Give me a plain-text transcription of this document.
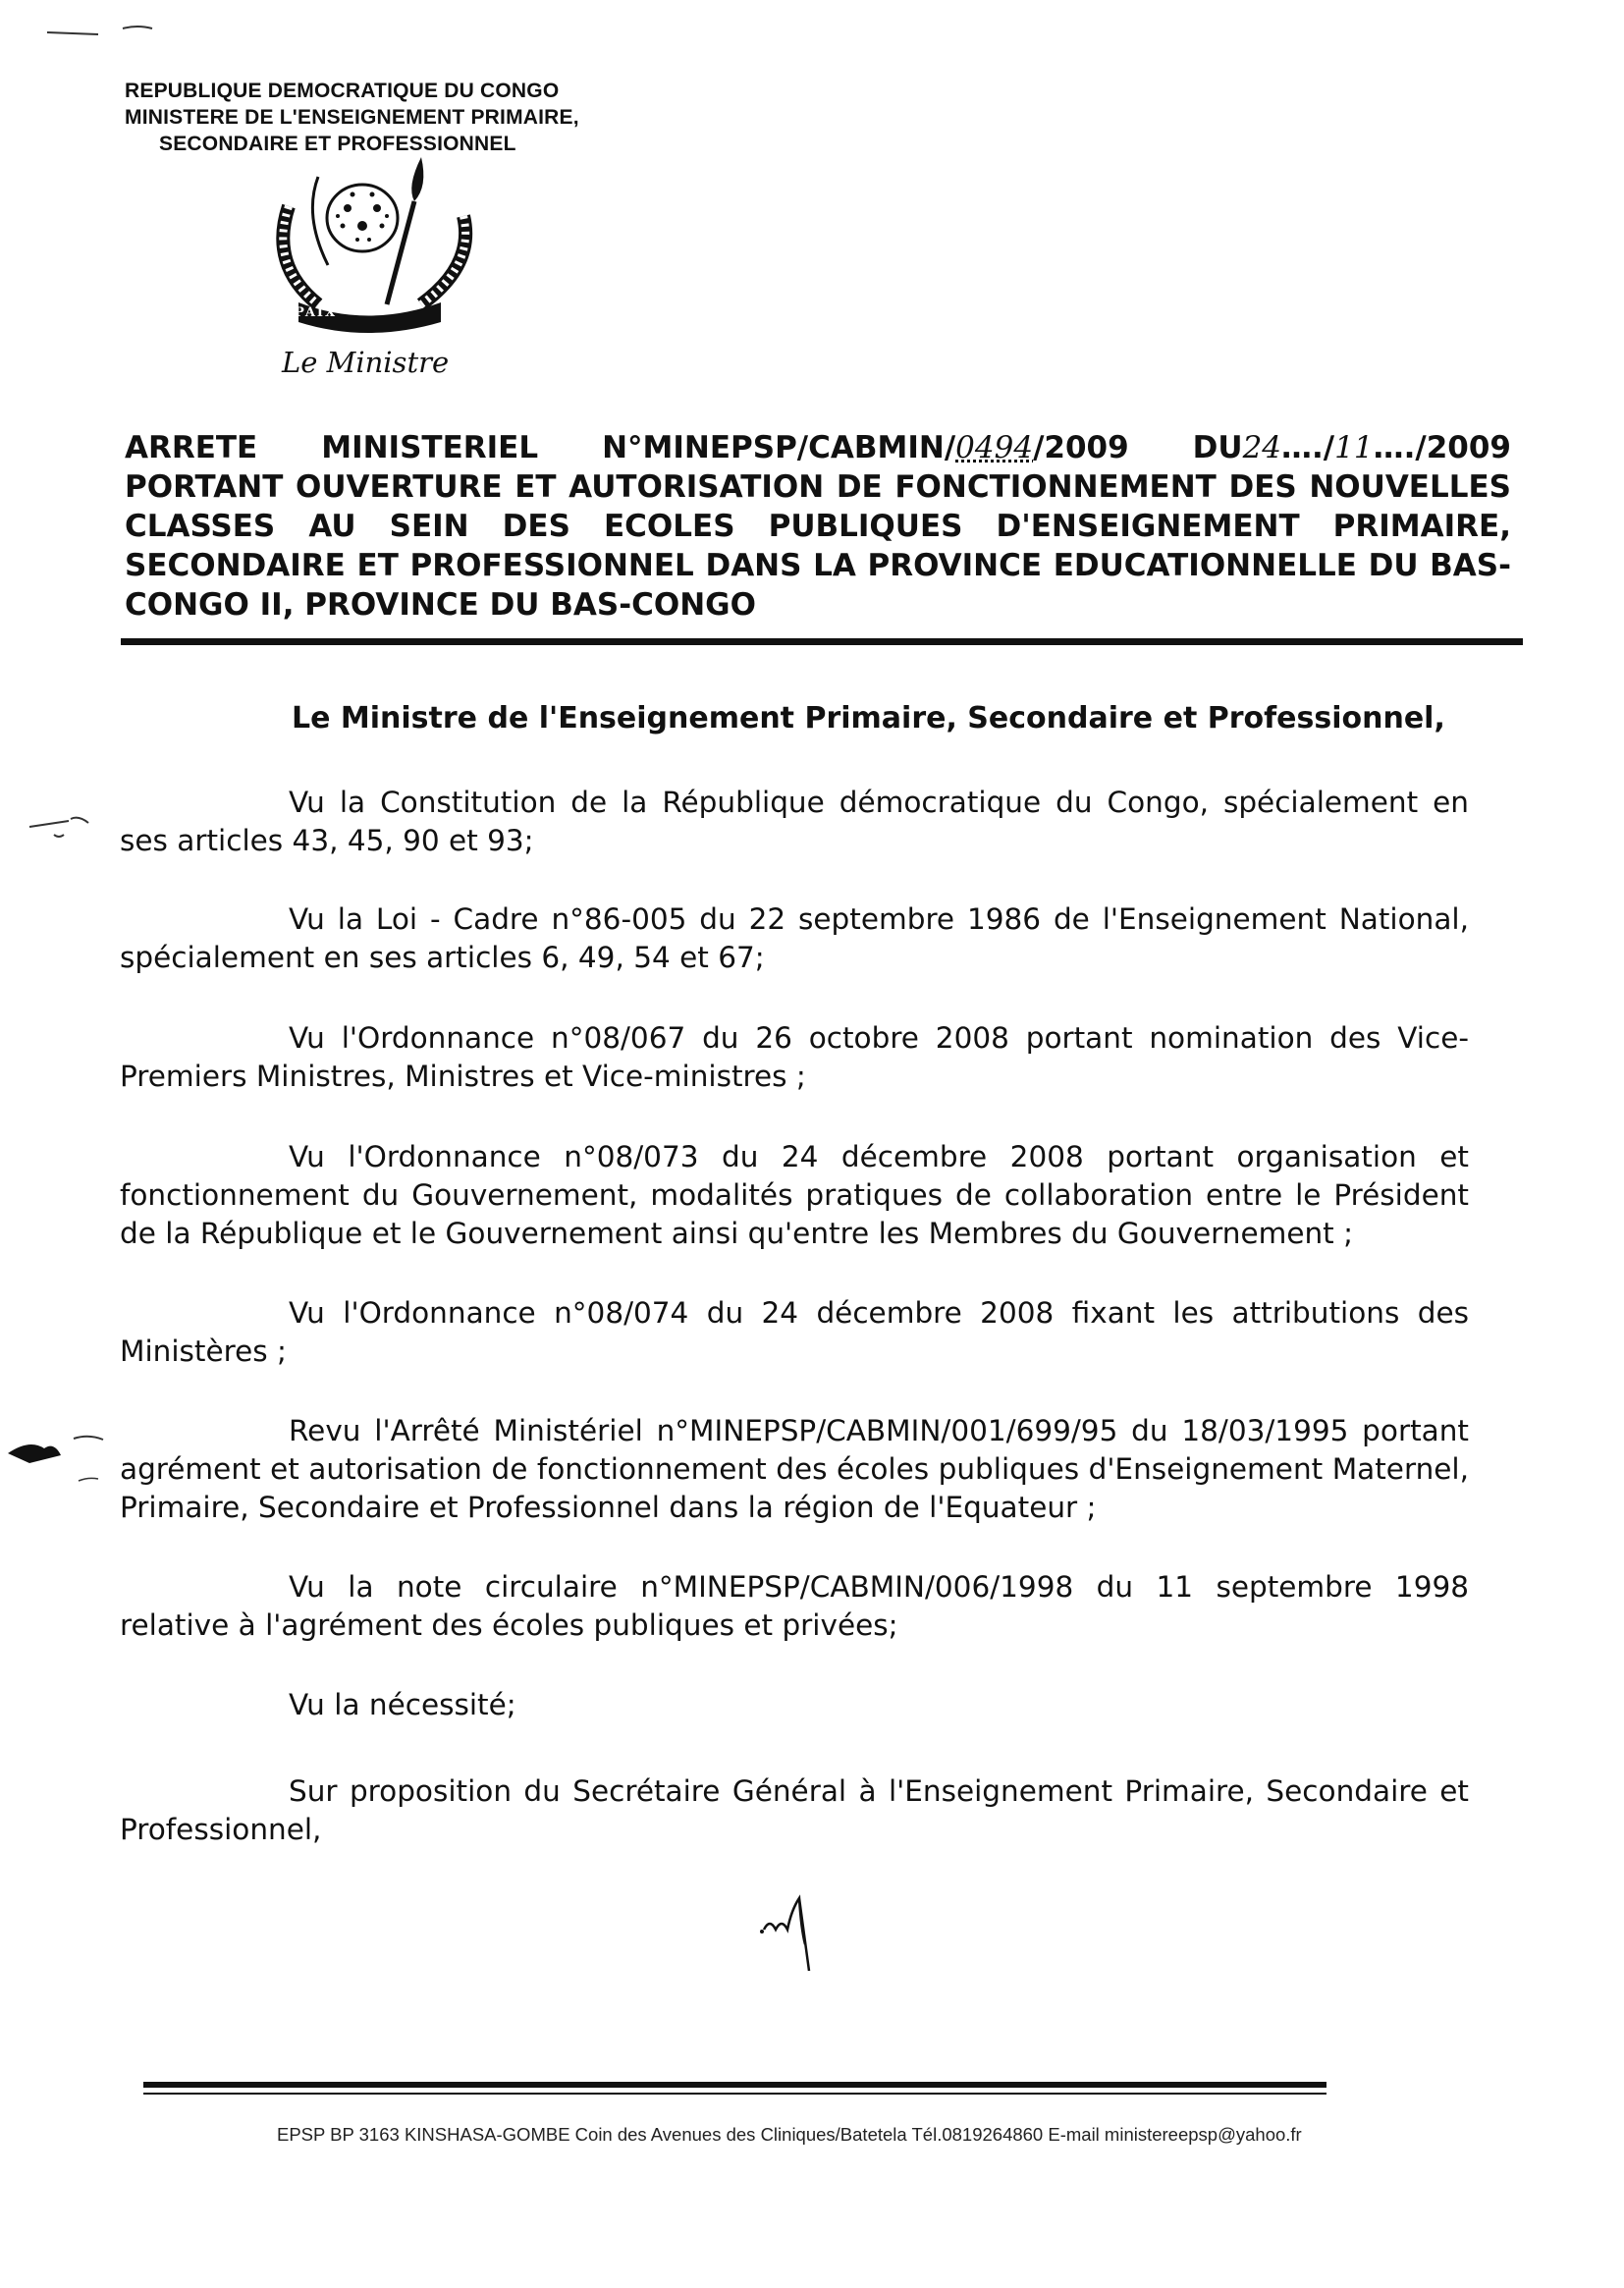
REPUBLIQUE DEMOCRATIQUE DU CONGO
MINISTERE DE L'ENSEIGNEMENT PRIMAIRE,
SECONDAIRE ET PROFESSIONNEL
PAIX
Le Ministre
ARRETE MINISTERIEL N°MINEPSP/CABMIN/0494/2009 DU24…./11…./2009
PORTANT OUVERTURE ET AUTORISATION DE FONCTIONNEMENT DES NOUVELLES
CLASSES AU SEIN DES ECOLES PUBLIQUES D'ENSEIGNEMENT PRIMAIRE,
SECONDAIRE ET PROFESSIONNEL DANS LA PROVINCE EDUCATIONNELLE DU BAS-
CONGO II, PROVINCE DU BAS-CONGO
Le Ministre de l'Enseignement Primaire, Secondaire et Professionnel,
Vu la Constitution de la République démocratique du Congo, spécialement en ses articles 43, 45, 90 et 93;
Vu la Loi - Cadre n°86-005 du 22 septembre 1986 de l'Enseignement National, spécialement en ses articles 6, 49, 54 et 67;
Vu l'Ordonnance n°08/067 du 26 octobre 2008 portant nomination des Vice-Premiers Ministres, Ministres et Vice-ministres ;
Vu l'Ordonnance n°08/073 du 24 décembre 2008 portant organisation et fonctionnement du Gouvernement, modalités pratiques de collaboration entre le Président de la République et le Gouvernement ainsi qu'entre les Membres du Gouvernement ;
Vu l'Ordonnance n°08/074 du 24 décembre 2008 fixant les attributions des Ministères ;
Revu l'Arrêté Ministériel n°MINEPSP/CABMIN/001/699/95 du 18/03/1995 portant agrément et autorisation de fonctionnement des écoles publiques d'Enseignement Maternel, Primaire, Secondaire et Professionnel dans la région de l'Equateur ;
Vu la note circulaire n°MINEPSP/CABMIN/006/1998 du 11 septembre 1998 relative à l'agrément des écoles publiques et privées;
Vu la nécessité;
Sur proposition du Secrétaire Général à l'Enseignement Primaire, Secondaire et Professionnel,
EPSP BP 3163 KINSHASA-GOMBE Coin des Avenues des Cliniques/Batetela Tél.0819264860 E-mail ministereepsp@yahoo.fr
